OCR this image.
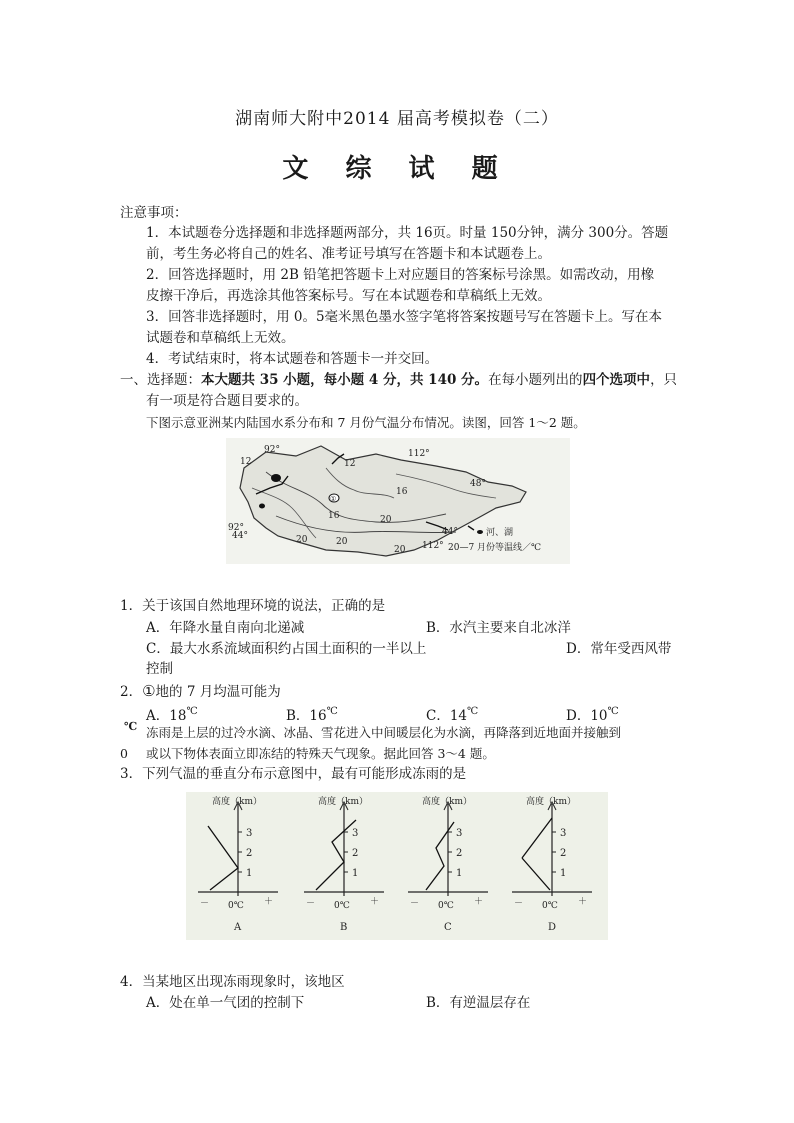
湖南师大附中2014 届高考模拟卷（二）
文 综 试 题
注意事项：
1．本试题卷分选择题和非选择题两部分，共 16页。时量 150分钟，满分 300分。答题
前，考生务必将自己的姓名、准考证号填写在答题卡和本试题卷上。
2．回答选择题时，用 2B 铅笔把答题卡上对应题目的答案标号涂黑。如需改动，用橡
皮擦干净后，再选涂其他答案标号。写在本试题卷和草稿纸上无效。
3．回答非选择题时，用 0。5毫米黑色墨水签字笔将答案按题号写在答题卡上。写在本
试题卷和草稿纸上无效。
4．考试结束时，将本试题卷和答题卡一并交回。
一、选择题：本大题共 35 小题，每小题 4 分，共 140 分。在每小题列出的四个选项中，只
有一项是符合题目要求的。
下图示意亚洲某内陆国水系分布和 7 月份气温分布情况。读图，回答 1～2 题。
①
92°
12	12
112°
48°
16
20
16
20
92°
44°	20
44°
112°
20
河、湖
20—7 月份等温线／℃
1．关于该国自然地理环境的说法，正确的是
A．年降水量自南向北递减	B．水汽主要来自北冰洋
C．最大水系流域面积约占国土面积的一半以上	D．常年受西风带
控制
2．①地的 7 月均温可能为
A．18℃	B．16℃	C．14℃	D．10℃
℃ 冻雨是上层的过冷水滴、冰晶、雪花进入中间暖层化为水滴，再降落到近地面并接触到
0 或以下物体表面立即冻结的特殊天气现象。据此回答 3～4 题。
3．下列气温的垂直分布示意图中，最有可能形成冻雨的是
1
2
3
高度（km）
－	＋
0℃
A
1
2
3
高度（km）
－	＋
0℃
B
1
2
3
高度（km）
－	＋
0℃
C
1
2
3
高度（km）
－	＋
0℃
D
4．当某地区出现冻雨现象时，该地区
A．处在单一气团的控制下	B．有逆温层存在
